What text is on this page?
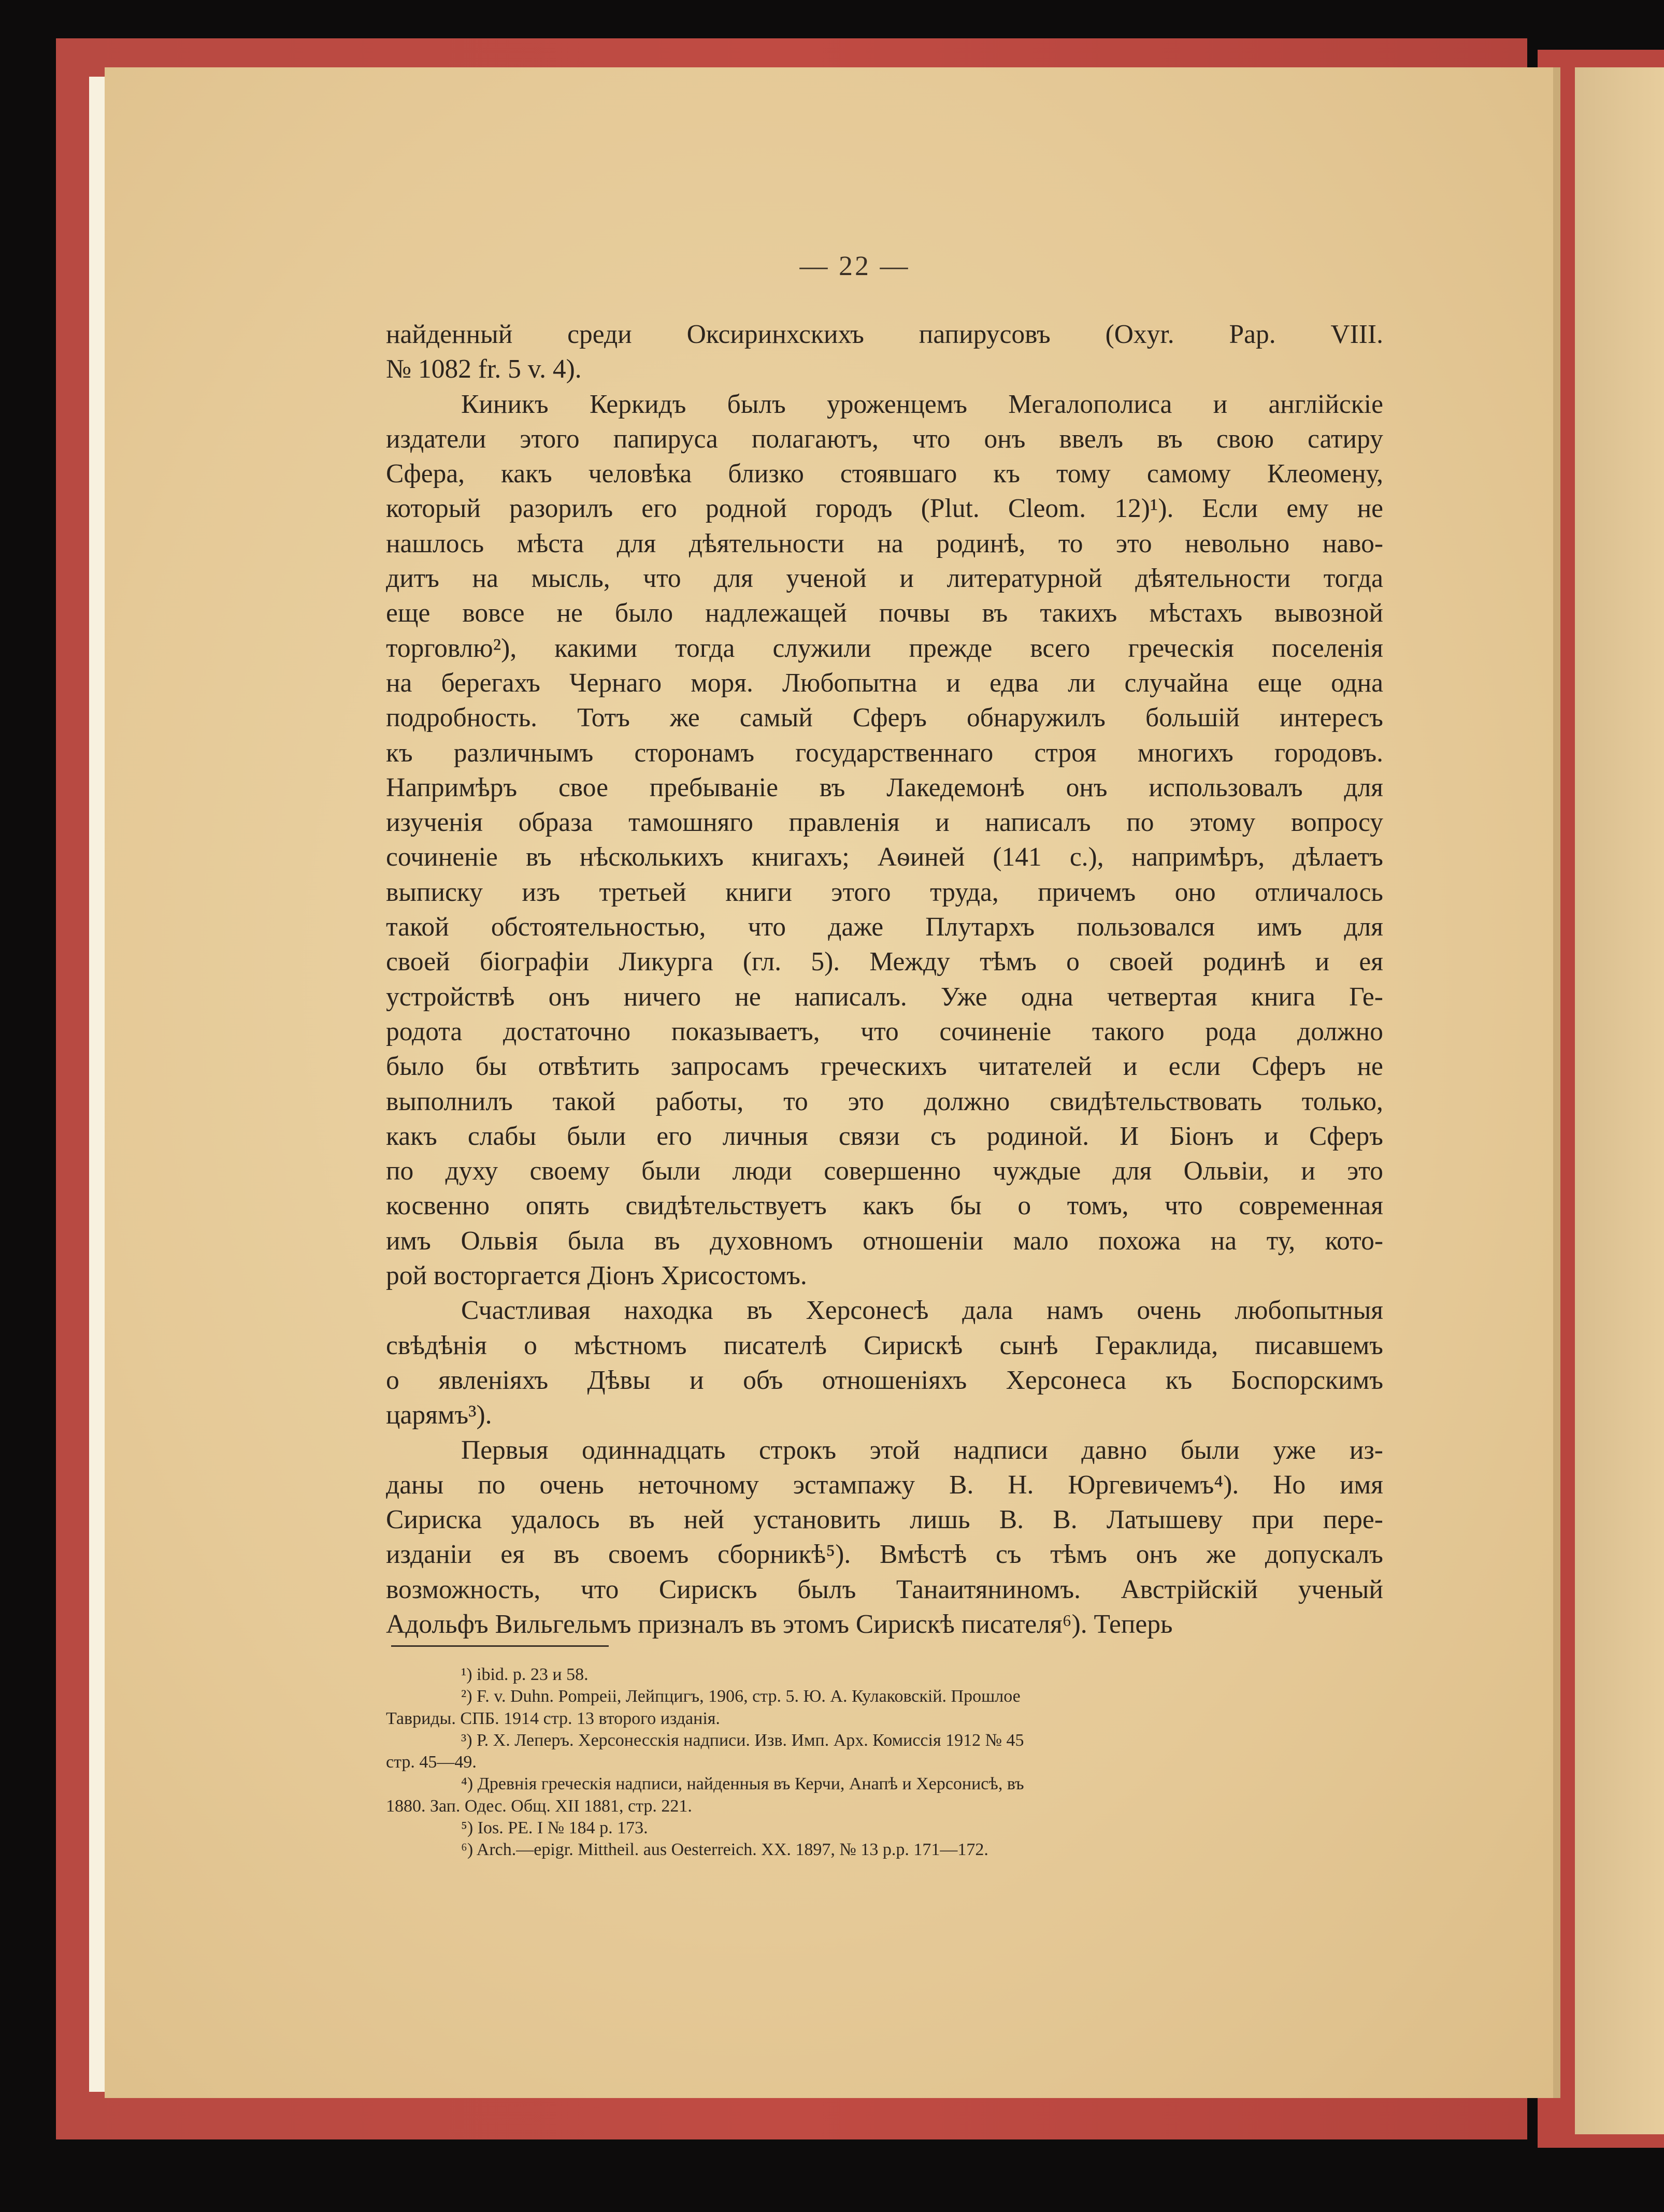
— 22 —
найденный среди Оксиринхскихъ папирусовъ (Oxyr. Pap. VIII.
№ 1082 fr. 5 v. 4).
Киникъ Керкидъ былъ уроженцемъ Мегалополиса и англійскіе
издатели этого папируса полагаютъ, что онъ ввелъ въ свою сатиру
Сфера, какъ человѣка близко стоявшаго къ тому самому Клеомену,
который разорилъ его родной городъ (Plut. Cleom. 12)¹). Если ему не
нашлось мѣста для дѣятельности на родинѣ, то это невольно наво-
дитъ на мысль, что для ученой и литературной дѣятельности тогда
еще вовсе не было надлежащей почвы въ такихъ мѣстахъ вывозной
торговлю²), какими тогда служили прежде всего греческія поселенія
на берегахъ Чернаго моря. Любопытна и едва ли случайна еще одна
подробность. Тотъ же самый Сферъ обнаружилъ большій интересъ
къ различнымъ сторонамъ государственнаго строя многихъ городовъ.
Напримѣръ свое пребываніе въ Лакедемонѣ онъ использовалъ для
изученія образа тамошняго правленія и написалъ по этому вопросу
сочиненіе въ нѣсколькихъ книгахъ; Аѳиней (141 c.), напримѣръ, дѣлаетъ
выписку изъ третьей книги этого труда, причемъ оно отличалось
такой обстоятельностью, что даже Плутархъ пользовался имъ для
своей біографіи Ликурга (гл. 5). Между тѣмъ о своей родинѣ и ея
устройствѣ онъ ничего не написалъ. Уже одна четвертая книга Ге-
родота достаточно показываетъ, что сочиненіе такого рода должно
было бы отвѣтить запросамъ греческихъ читателей и если Сферъ не
выполнилъ такой работы, то это должно свидѣтельствовать только,
какъ слабы были его личныя связи съ родиной. И Біонъ и Сферъ
по духу своему были люди совершенно чуждые для Ольвіи, и это
косвенно опять свидѣтельствуетъ какъ бы о томъ, что современная
имъ Ольвія была въ духовномъ отношеніи мало похожа на ту, кото-
рой восторгается Діонъ Хрисостомъ.
Счастливая находка въ Херсонесѣ дала намъ очень любопытныя
свѣдѣнія о мѣстномъ писателѣ Сирискѣ сынѣ Гераклида, писавшемъ
о явленіяхъ Дѣвы и объ отношеніяхъ Херсонеса къ Боспорскимъ
царямъ³).
Первыя одиннадцать строкъ этой надписи давно были уже из-
даны по очень неточному эстампажу В. Н. Юргевичемъ⁴). Но имя
Сириска удалось въ ней установить лишь В. В. Латышеву при пере-
изданіи ея въ своемъ сборникѣ⁵). Вмѣстѣ съ тѣмъ онъ же допускалъ
возможность, что Сирискъ былъ Танаитяниномъ. Австрійскій ученый
Адольфъ Вильгельмъ призналъ въ этомъ Сирискѣ писателя⁶). Теперь
¹) ibid. p. 23 и 58.
²) F. v. Duhn. Pompeii, Лейпцигъ, 1906, стр. 5. Ю. А. Кулаковскій. Прошлое
Тавриды. СПБ. 1914 стр. 13 второго изданія.
³) Р. Х. Леперъ. Херсонесскія надписи. Изв. Имп. Арх. Комиссія 1912 № 45
стр. 45—49.
⁴) Древнія греческія надписи, найденныя въ Керчи, Анапѣ и Херсонисѣ, въ
1880. Зап. Одес. Общ. XII 1881, стр. 221.
⁵) Ios. PE. I № 184 p. 173.
⁶) Arch.—epigr. Mittheil. aus Oesterreich. XX. 1897, № 13 p.p. 171—172.
